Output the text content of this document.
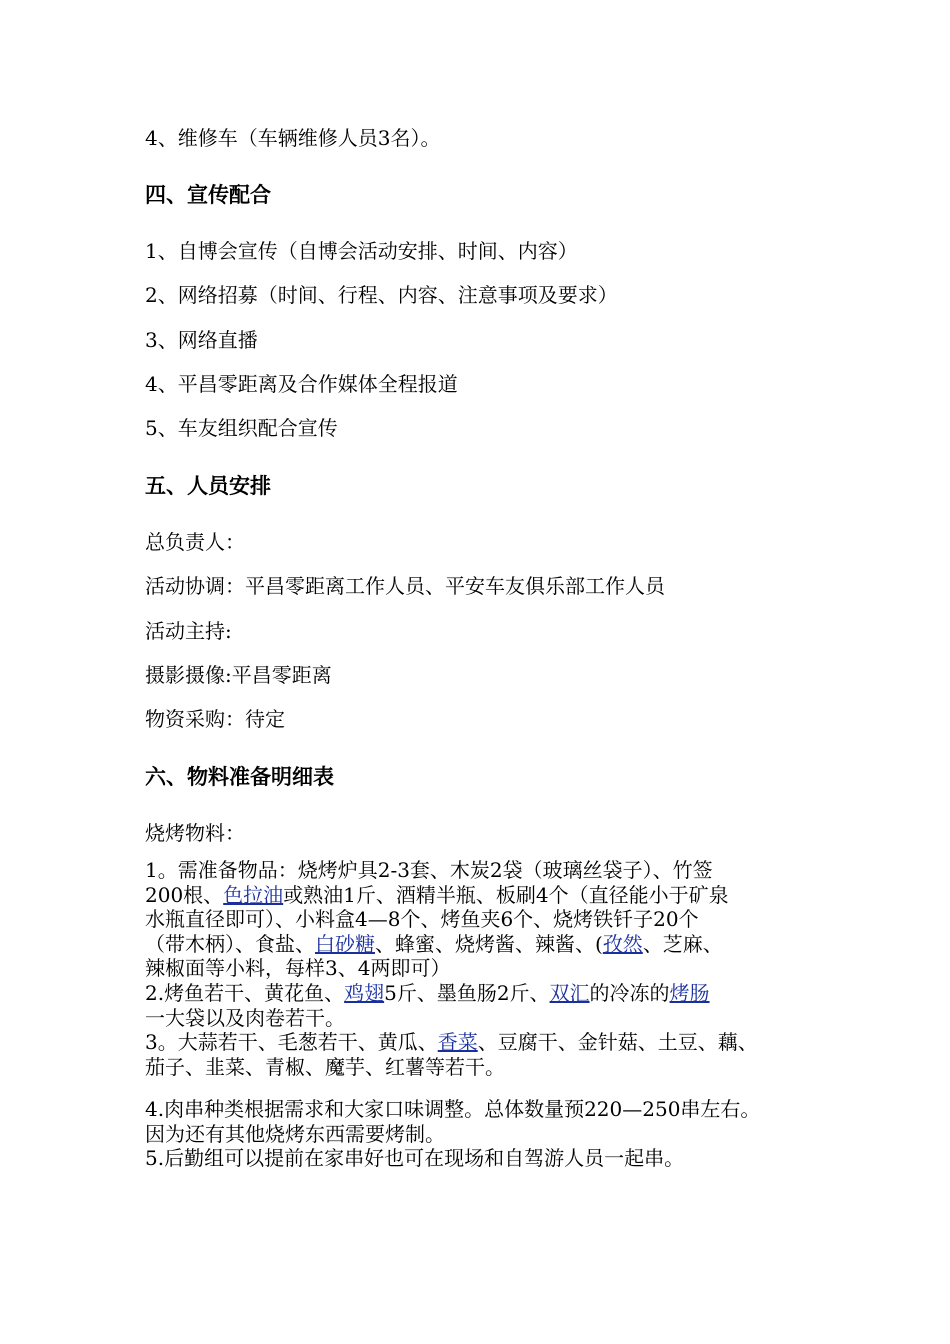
4、维修车（车辆维修人员3名）。
四、宣传配合
1、自博会宣传（自博会活动安排、时间、内容）
2、网络招募（时间、行程、内容、注意事项及要求）
3、网络直播
4、平昌零距离及合作媒体全程报道
5、车友组织配合宣传
五、人员安排
总负责人：
活动协调：平昌零距离工作人员、平安车友俱乐部工作人员
活动主持:
摄影摄像:平昌零距离
物资采购：待定
六、物料准备明细表
烧烤物料：
1。需准备物品：烧烤炉具2-3套、木炭2袋（玻璃丝袋子）、竹签
200根、色拉油或熟油1斤、酒精半瓶、板刷4个（直径能小于矿泉
水瓶直径即可）、小料盒4—8个、烤鱼夹6个、烧烤铁钎子20个
（带木柄）、食盐、白砂糖、蜂蜜、烧烤酱、辣酱、(孜然、芝麻、
辣椒面等小料，每样3、4两即可）
2.烤鱼若干、黄花鱼、鸡翅5斤、墨鱼肠2斤、双汇的冷冻的烤肠
一大袋以及肉卷若干。
3。大蒜若干、毛葱若干、黄瓜、香菜、豆腐干、金针菇、土豆、藕、
茄子、韭菜、青椒、魔芋、红薯等若干。
4.肉串种类根据需求和大家口味调整。总体数量预220—250串左右。
因为还有其他烧烤东西需要烤制。
5.后勤组可以提前在家串好也可在现场和自驾游人员一起串。
